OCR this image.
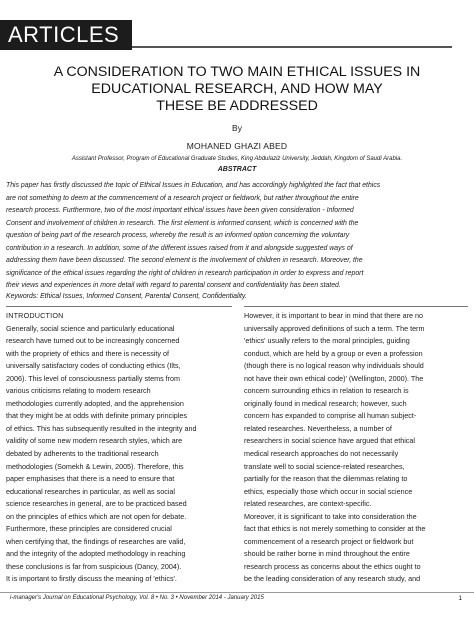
ARTICLES
A CONSIDERATION TO TWO MAIN ETHICAL ISSUES IN
EDUCATIONAL RESEARCH, AND HOW MAY
THESE BE ADDRESSED
By
MOHANED GHAZI ABED
Assistant Professor, Program of Educational Graduate Studies, King Abdulaziz University, Jeddah, Kingdom of Saudi Arabia.
ABSTRACT
This paper has firstly discussed the topic of Ethical Issues in Education, and has accordingly highlighted the fact that ethics
are not something to deem at the commencement of a research project or fieldwork, but rather throughout the entire
research process. Furthermore, two of the most important ethical issues have been given consideration - Informed
Consent and involvement of children in research. The first element is informed consent, which is concerned with the
question of being part of the research process, whereby the result is an informed option concerning the voluntary
contribution in a research. In addition, some of the different issues raised from it and alongside suggested ways of
addressing them have been discussed. The second element is the involvement of children in research. Moreover, the
significance of the ethical issues regarding the right of children in research participation in order to express and report
their views and experiences in more detail with regard to parental consent and confidentiality has been stated.
Keywords: Ethical Issues, Informed Consent, Parental Consent, Confidentiality.
INTRODUCTION
Generally, social science and particularly educational
research have turned out to be increasingly concerned
with the propriety of ethics and there is necessity of
universally satisfactory codes of conducting ethics (Ilts,
2006). This level of consciousness partially stems from
various criticisms relating to modern research
methodologies currently adopted, and the apprehension
that they might be at odds with definite primary principles
of ethics. This has subsequently resulted in the integrity and
validity of some new modern research styles, which are
debated by adherents to the traditional research
methodologies (Somekh & Lewin, 2005). Therefore, this
paper emphasises that there is a need to ensure that
educational researches in particular, as well as social
science researches in general, are to be practiced based
on the principles of ethics which are not open for debate.
Furthermore, these principles are considered crucial
when certifying that, the findings of researches are valid,
and the integrity of the adopted methodology in reaching
these conclusions is far from suspicious (Dancy, 2004).
It is important to firstly discuss the meaning of 'ethics'.
However, it is important to bear in mind that there are no
universally approved definitions of such a term. The term
'ethics' usually refers to the moral principles, guiding
conduct, which are held by a group or even a profession
(though there is no logical reason why individuals should
not have their own ethical code)' (Wellington, 2000). The
concern surrounding ethics in relation to research is
originally found in medical research; however, such
concern has expanded to comprise all human subject-
related researches. Nevertheless, a number of
researchers in social science have argued that ethical
medical research approaches do not necessarily
translate well to social science-related researches,
partially for the reason that the dilemmas relating to
ethics, especially those which occur in social science
related researches, are context-specific.
Moreover, it is significant to take into consideration the
fact that ethics is not merely something to consider at the
commencement of a research project or fieldwork but
should be rather borne in mind throughout the entire
research process as concerns about the ethics ought to
be the leading consideration of any research study, and
i-manager's Journal on Educational Psychology, Vol. 8 • No. 3 • November 2014 - January 2015	1
